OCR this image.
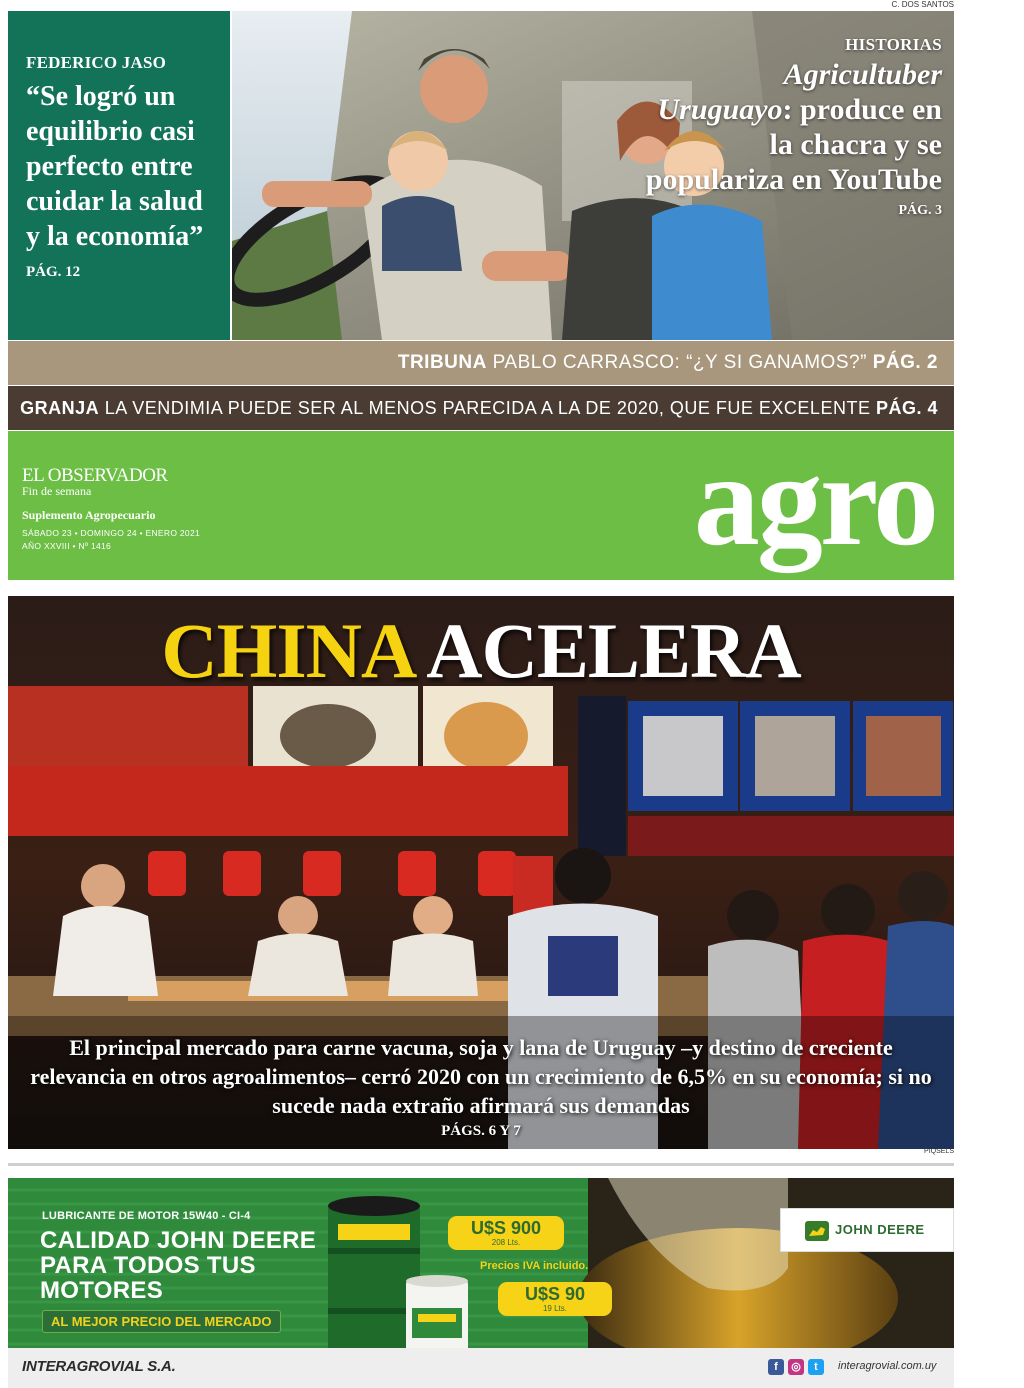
C. DOS SANTOS
FEDERICO JASO
“Se logró un equilibrio casi perfecto entre cuidar la salud y la economía”
PÁG. 12
HISTORIAS
Agricultuber Uruguayo: produce en la chacra y se populariza en YouTube
PÁG. 3
TRIBUNA PABLO CARRASCO: “¿Y SI GANAMOS?” PÁG. 2
GRANJA LA VENDIMIA PUEDE SER AL MENOS PARECIDA A LA DE 2020, QUE FUE EXCELENTE PÁG. 4
EL OBSERVADOR
Fin de semana
Suplemento Agropecuario
SÁBADO 23 • DOMINGO 24 • ENERO 2021
AÑO XXVIII • Nº 1416	agro
CHINA ACELERA
El principal mercado para carne vacuna, soja y lana de Uruguay –y destino de creciente relevancia en otros agroalimentos– cerró 2020 con un crecimiento de 6,5% en su economía; si no sucede nada extraño afirmará sus demandas
PÁGS. 6 Y 7
PIQSELS
LUBRICANTE DE MOTOR 15W40 - CI-4
CALIDAD JOHN DEERE PARA TODOS TUS MOTORES
AL MEJOR PRECIO DEL MERCADO
U$S 900
208 Lts.
Precios IVA incluido.
U$S 90
19 Lts.
JOHN DEERE
INTERAGROVIAL S.A.	f ◎ t	interagrovial.com.uy
